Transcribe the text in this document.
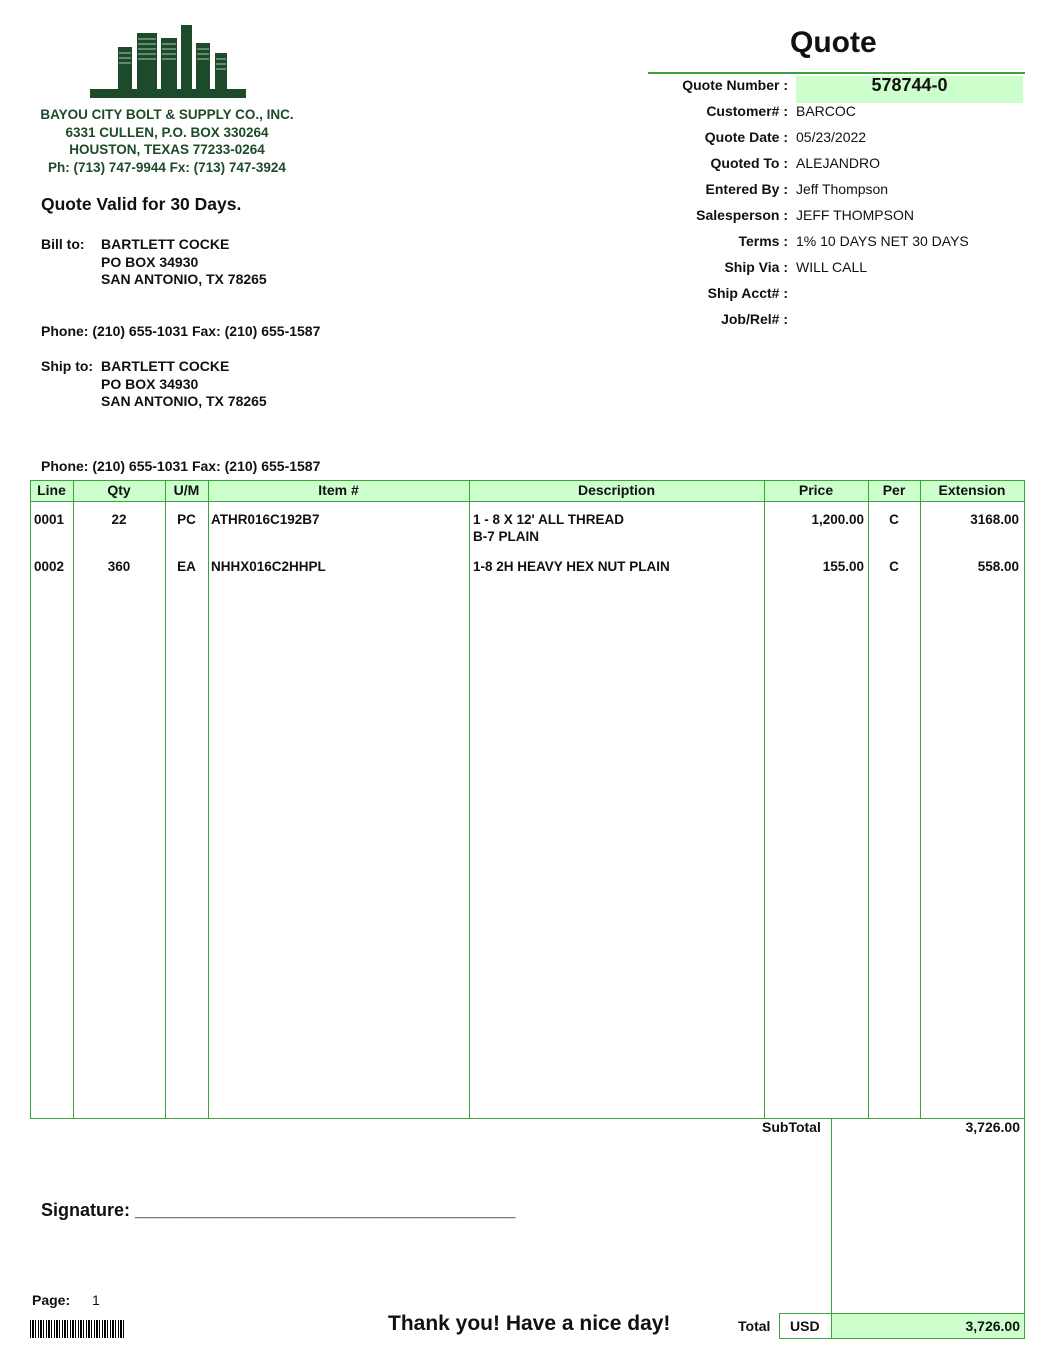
BAYOU CITY BOLT & SUPPLY CO., INC.
6331 CULLEN, P.O. BOX 330264
HOUSTON, TEXAS 77233-0264
Ph: (713) 747-9944 Fx: (713) 747-3924
Quote
Quote Number :	578744-0
Customer# : BARCOC
Quote Date : 05/23/2022
Quoted To : ALEJANDRO
Entered By : Jeff Thompson
Salesperson : JEFF THOMPSON
Terms : 1% 10 DAYS NET 30 DAYS
Ship Via : WILL CALL
Ship Acct# :
Job/Rel# :
Quote Valid for 30 Days.
Bill to: BARTLETT COCKE
PO BOX 34930
SAN ANTONIO, TX 78265
Phone: (210) 655-1031 Fax: (210) 655-1587
Ship to: BARTLETT COCKE
PO BOX 34930
SAN ANTONIO, TX 78265
Phone: (210) 655-1031 Fax: (210) 655-1587
Line	Qty	U/M	Item #	Description	Price	Per	Extension
0001	22	PC	ATHR016C192B7	1 - 8 X 12' ALL THREAD	1,200.00	C	3168.00
B-7 PLAIN
0002	360	EA	NHHX016C2HHPL	1-8 2H HEAVY HEX NUT PLAIN	155.00	C	558.00
SubTotal	3,726.00
Signature: ______________________________________
Page: 1
Thank you! Have a nice day!	Total	USD	3,726.00
